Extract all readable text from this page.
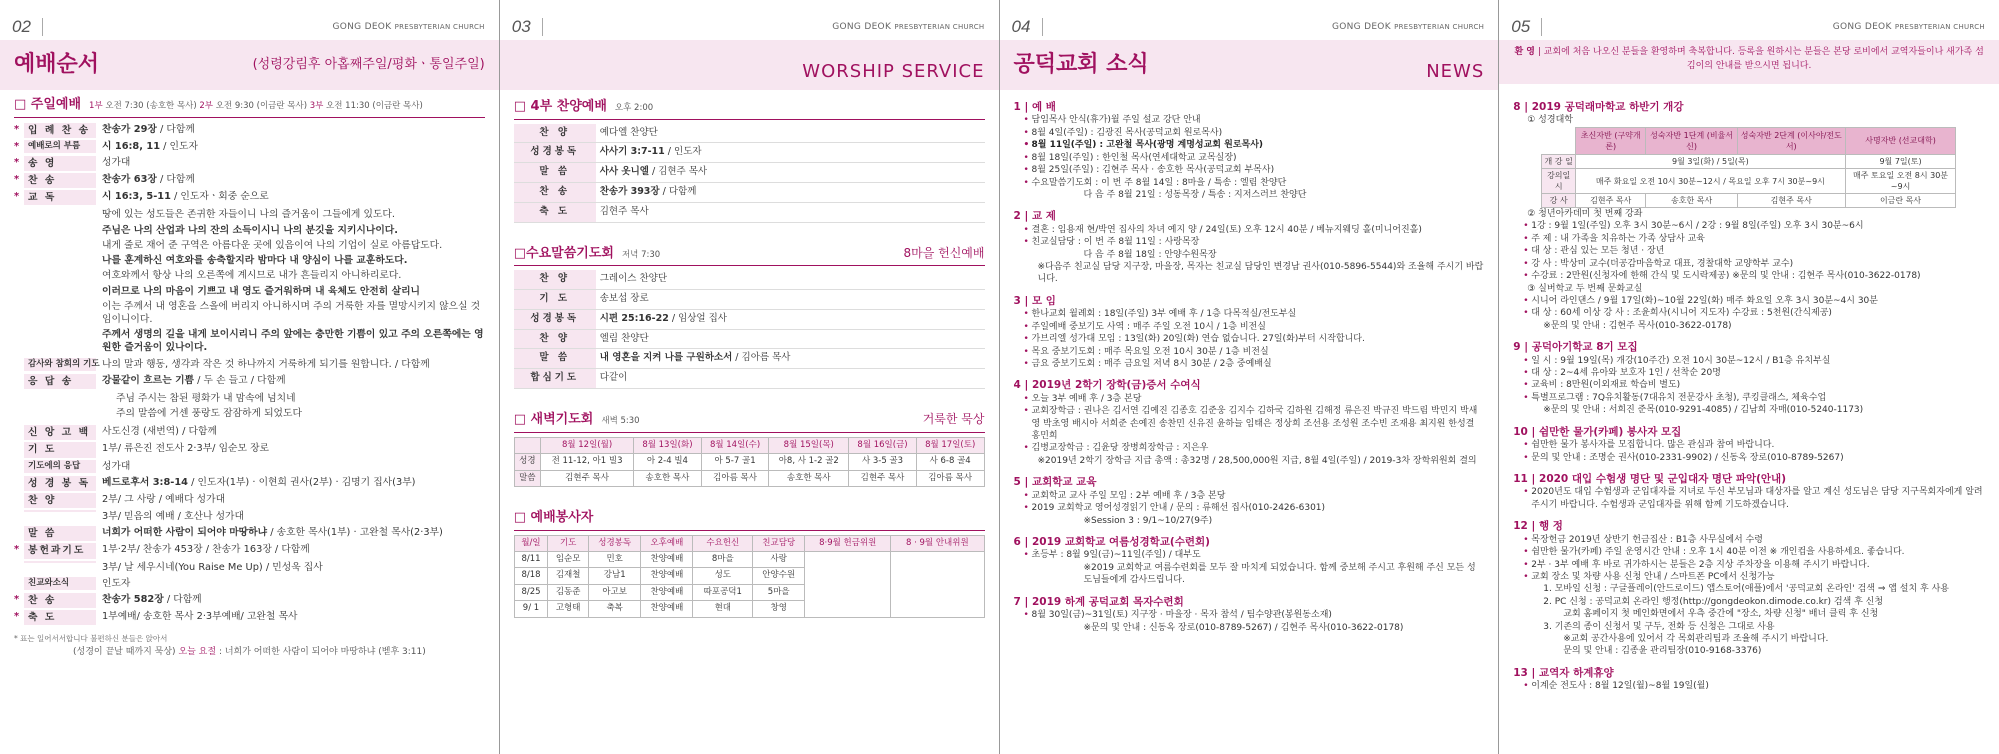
02	GONG DEOK PRESBYTERIAN CHURCH
예배순서	(성령강림후 아홉째주일/평화ㆍ통일주일)
□ 주일예배 1부 오전 7:30 (송호한 목사) 2부 오전 9:30 (이금란 목사) 3부 오전 11:30 (이금란 목사)
* 입 례 찬 송	찬송가 29장 / 다함께
*	예배로의 부름	시 16:8, 11 / 인도자
* 송 영	성가대
* 찬 송	찬송가 63장 / 다함께
* 교 독	시 16:3, 5-11 / 인도자ㆍ회중 순으로

땅에 있는 성도들은 존귀한 자들이니 나의 즐거움이 그들에게 있도다.

주님은 나의 산업과 나의 잔의 소득이시니 나의 분깃을 지키시나이다.

내게 줄로 재어 준 구역은 아름다운 곳에 있음이여 나의 기업이 실로 아름답도다.

나를 훈계하신 여호와를 송축할지라 밤마다 내 양심이 나를 교훈하도다.

여호와께서 항상 나의 오른쪽에 계시므로 내가 흔들리지 아니하리로다.

이러므로 나의 마음이 기쁘고 내 영도 즐거워하며 내 육체도 안전히 살리니

이는 주께서 내 영혼을 스올에 버리지 아니하시며 주의 거룩한 자를 멸망시키지 않으실 것임이니이다.

주께서 생명의 길을 내게 보이시리니 주의 앞에는 충만한 기쁨이 있고 주의 오른쪽에는 영원한 즐거움이 있나이다.

감사와 참회의 기도 나의 말과 행동, 생각과 작은 것 하나까지 거룩하게 되기를 원합니다. / 다함께
응 답 송	강물같이 흐르는 기쁨 / 두 손 들고 / 다함께

주님 주시는 참된 평화가 내 맘속에 넘치네

주의 말씀에 거센 풍랑도 잠잠하게 되었도다

신 앙 고 백	사도신경 (새번역) / 다함께
기 도	1부/ 류은진 전도사 2·3부/ 임순모 장로
기도에의 응답	성가대
성 경 봉 독	베드로후서 3:8-14 / 인도자(1부) · 이현희 권사(2부) · 김명기 집사(3부)
찬 양	2부/ 그 사랑 / 예배다 성가대
3부/ 믿음의 예배 / 호산나 성가대
말 씀	너희가 어떠한 사람이 되어야 마땅하냐 / 송호한 목사(1부) · 고완철 목사(2·3부)
* 봉헌과기도	1부·2부/ 찬송가 453장 / 찬송가 163장 / 다함께
3부/ 날 세우시네(You Raise Me Up) / 민성욱 집사
친교와소식	인도자
* 찬 송	찬송가 582장 / 다함께
* 축 도	1부예배/ 송호한 목사 2·3부예배/ 고완철 목사
* 표는 일어서서합니다 불편하신 분들은 앉아서
(성경이 끝날 때까지 묵상) 오늘 요절 : 너희가 어떠한 사람이 되어야 마땅하냐 (벧후 3:11)
03	GONG DEOK PRESBYTERIAN CHURCH
WORSHIP SERVICE
□ 4부 찬양예배 오후 2:00
찬 양	예다엘 찬양단
성경봉독	사사기 3:7-11 / 인도자
말 씀	사사 옷니엘 / 김현주 목사
찬 송	찬송가 393장 / 다함께
축 도	김현주 목사
□수요말씀기도회 저녁 7:30	8마을 헌신예배
찬 양	그레이스 찬양단
기 도	송보섭 장로
성경봉독	시편 25:16-22 / 임상얼 집사
찬 양	엘림 찬양단
말 씀	내 영혼을 지켜 나를 구원하소서 / 김아름 목사
합심기도	다같이
□ 새벽기도회 새벽 5:30	거룩한 묵상
	8월 12일(월)	8월 13일(화)	8월 14일(수)	8월 15일(목)	8월 16일(금)	8월 17일(토)
성경	전 11-12, 아1 빌3	아 2-4 빌4	아 5-7 골1	아8, 사 1-2 골2	사 3-5 골3	사 6-8 골4
말씀	김현주 목사	송호한 목사	김아름 목사	송호한 목사	김현주 목사	김아름 목사
□ 예배봉사자
월/일	기도	성경봉독	오후예배	수요헌신	친교담당	8·9월 헌금위원	8 · 9월 안내위원
8/11	임순모	민호	찬양예배	8마을	사랑		
8/18	김재철	강남1	찬양예배	성도	안양수원		
8/25	김동준	아고보	찬양예배	따포공덕1	5마을		
9/ 1	고형태	축복	찬양예배	현대	창영		
04	GONG DEOK PRESBYTERIAN CHURCH
공덕교회 소식	NEWS
1 | 예 배
• 담임목사 안식(휴가)월 주일 설교 강단 안내
• 8월 4일(주일) : 김광진 목사(공덕교회 원로목사)
• 8월 11일(주일) : 고완철 목사(광명 계명성교회 원로목사)
• 8월 18일(주일) : 한인철 목사(연세대학교 교목실장)
• 8월 25일(주일) : 김현주 목사 · 송호한 목사(공덕교회 부목사)
• 수요말씀기도회 : 이 번 주 8월 14일 : 8마을 / 특송 : 엘림 찬양단
다 음 주 8월 21일 : 성동목장 / 특송 : 지저스러브 찬양단
2 | 교 제
• 결혼 : 임용재 현/박연 집사의 차녀 예지 양 / 24일(토) 오후 12시 40분 / 베뉴지웨딩 홀(미니어진홀)
• 친교실담당 : 이 번 주 8월 11일 : 사랑목장
다 음 주 8월 18일 : 안양수원목장
※다음주 친교실 담당 지구장, 마을장, 목자는 친교실 담당인 변경남 권사(010-5896-5544)와 조율해 주시기 바랍니다.
3 | 모 임
• 한나교회 월례회 : 18일(주일) 3부 예배 후 / 1층 다목적실/전도부실
• 주일예배 중보기도 사역 : 매주 주일 오전 10시 / 1층 비전실
• 가브리엘 성가대 모임 : 13일(화) 20일(화) 연습 없습니다. 27일(화)부터 시작합니다.
• 목요 중보기도회 : 매주 목요일 오전 10시 30분 / 1층 비전실
• 금요 중보기도회 : 매주 금요일 저녁 8시 30분 / 2층 중예배실
4 | 2019년 2학기 장학(금)증서 수여식
• 오늘 3부 예배 후 / 3층 본당
• 교회장학금 : 권나은 김서연 김예진 김종호 김준웅 김지수 김하국 김하원 김해정 류은진 박규진 박드림 박민지 박새영 박초영 배시아 서희준 손예진 송찬민 신유진 윤하늘 임태은 정상희 조선용 조성원 조수빈 조재용 최지원 한성결 홍민희
• 김병교장학금 : 김윤당 장병희장학금 : 지은우
※2019년 2학기 장학금 지급 총액 : 총32명 / 28,500,000원 지급, 8월 4일(주일) / 2019-3차 장학위원회 결의
5 | 교회학교 교육
• 교회학교 교사 주일 모임 : 2부 예배 후 / 3층 본당
• 2019 교회학교 영어성경읽기 안내 / 문의 : 류해선 집사(010-2426-6301)
※Session 3 : 9/1~10/27(9주)
6 | 2019 교회학교 여름성경학교(수련회)
• 초등부 : 8월 9일(금)~11일(주일) / 대부도
※2019 교회학교 여름수련회를 모두 잘 마치게 되었습니다. 함께 중보해 주시고 후원해 주신 모든 성도님들에게 감사드립니다.
7 | 2019 하계 공덕교회 목자수련회
• 8월 30일(금)~31일(토) 지구장 · 마을장 · 목자 참석 / 팀수양관(봉원동소재)
※문의 및 안내 : 신동옥 장로(010-8789-5267) / 김현주 목사(010-3622-0178)
05	GONG DEOK PRESBYTERIAN CHURCH
환 영 | 교회에 처음 나오신 분들을 환영하며 축복합니다. 등록을 원하시는 분들은 본당 로비에서 교역자들이나 새가족 섬김이의 안내를 받으시면 됩니다.
8 | 2019 공덕래마학교 하반기 개강
① 성경대학
	초신자반 (구약개론)	성숙자반 1단계 (비율서신)	성숙자반 2단계 (이사야/전도서)	사명자반 (선교대학)
개 강 일	9월 3일(화) / 5일(목)			9월 7일(토)
강의일시	매주 화요일 오전 10시 30분~12시 / 목요일 오후 7시 30분~9시			매주 토요일 오전 8시 30분~9시
강 사	김현주 목사	송호한 목사	김현주 목사	이금란 목사
② 청년아카데미 첫 번째 강좌
• 1강 : 9월 1일(주일) 오후 3시 30분~6시 / 2강 : 9월 8일(주일) 오후 3시 30분~6시
• 주 제 : 내 가족을 치유하는 가족 상담사 교육
• 대 상 : 관심 있는 모든 청년 · 장년
• 강 사 : 박상미 교수(더공감마음학교 대표, 경찰대학 교양학부 교수)
• 수강료 : 2만원(신청자에 한해 간식 및 도시락제공) ※문의 및 안내 : 김현주 목사(010-3622-0178)
③ 실버학교 두 번째 문화교실
• 시니어 라인댄스 / 9월 17일(화)~10월 22일(화) 매주 화요일 오후 3시 30분~4시 30분
• 대 상 : 60세 이상 강 사 : 조윤희사(시니어 지도자) 수강료 : 5천원(간식제공)
※문의 및 안내 : 김현주 목사(010-3622-0178)
9 | 공덕아기학교 8기 모집
• 일 시 : 9월 19일(목) 개강(10주간) 오전 10시 30분~12시 / B1층 유치부실
• 대 상 : 2~4세 유아와 보호자 1인 / 선착순 20명
• 교육비 : 8만원(이외재료 학습비 별도)
• 특별프로그램 : 7Q유치활동(7대유치 전문강사 초청), 쿠킹클래스, 체육수업
※문의 및 안내 : 서희진 준목(010-9291-4085) / 김남희 자매(010-5240-1173)
10 | 쉼만한 물가(카페) 봉사자 모집
• 쉼만한 물가 봉사자를 모집합니다. 많은 관심과 참여 바랍니다.
• 문의 및 안내 : 조명순 권사(010-2331-9902) / 신동옥 장로(010-8789-5267)
11 | 2020 대입 수험생 명단 및 군입대자 명단 파악(안내)
• 2020년도 대입 수험생과 군입대자를 지녀로 두신 부모님과 대상자를 알고 계신 성도님은 담당 지구목회자에게 알려주시기 바랍니다. 수험생과 군입대자를 위해 함께 기도하겠습니다.
12 | 행 정
• 목장헌금 2019년 상반기 헌금집산 : B1층 사무실에서 수령
• 쉼만한 물가(카페) 주일 운영시간 안내 : 오후 1시 40분 이전 ※ 개인컵을 사용하세요. 좋습니다.
• 2부 · 3부 예배 후 바로 귀가하시는 분들은 2층 지상 주차장을 이용해 주시기 바랍니다.
• 교회 장소 및 차량 사용 신청 안내 / 스마트폰 PC에서 신청가능
1. 모바일 신청 : 구글플레이(안드로이드) 앱스토어(애플)에서 '공덕교회 온라인' 검색 ⇒ 앱 설치 후 사용
2. PC 신청 : 공덕교회 온라인 행정(http://gongdeokon.dimode.co.kr) 검색 후 신청
교회 홈페이지 첫 메인화면에서 우측 중간에 "장소, 차량 신청" 배너 클릭 후 신청
3. 기존의 종이 신청서 및 구두, 전화 등 신청은 그대로 사용
※교회 공간사용에 있어서 각 목회관리팀과 조율해 주시기 바랍니다.
문의 및 안내 : 김종윤 관리팀장(010-9168-3376)
13 | 교역자 하계휴양
• 이계순 전도사 : 8월 12일(월)~8월 19일(월)
